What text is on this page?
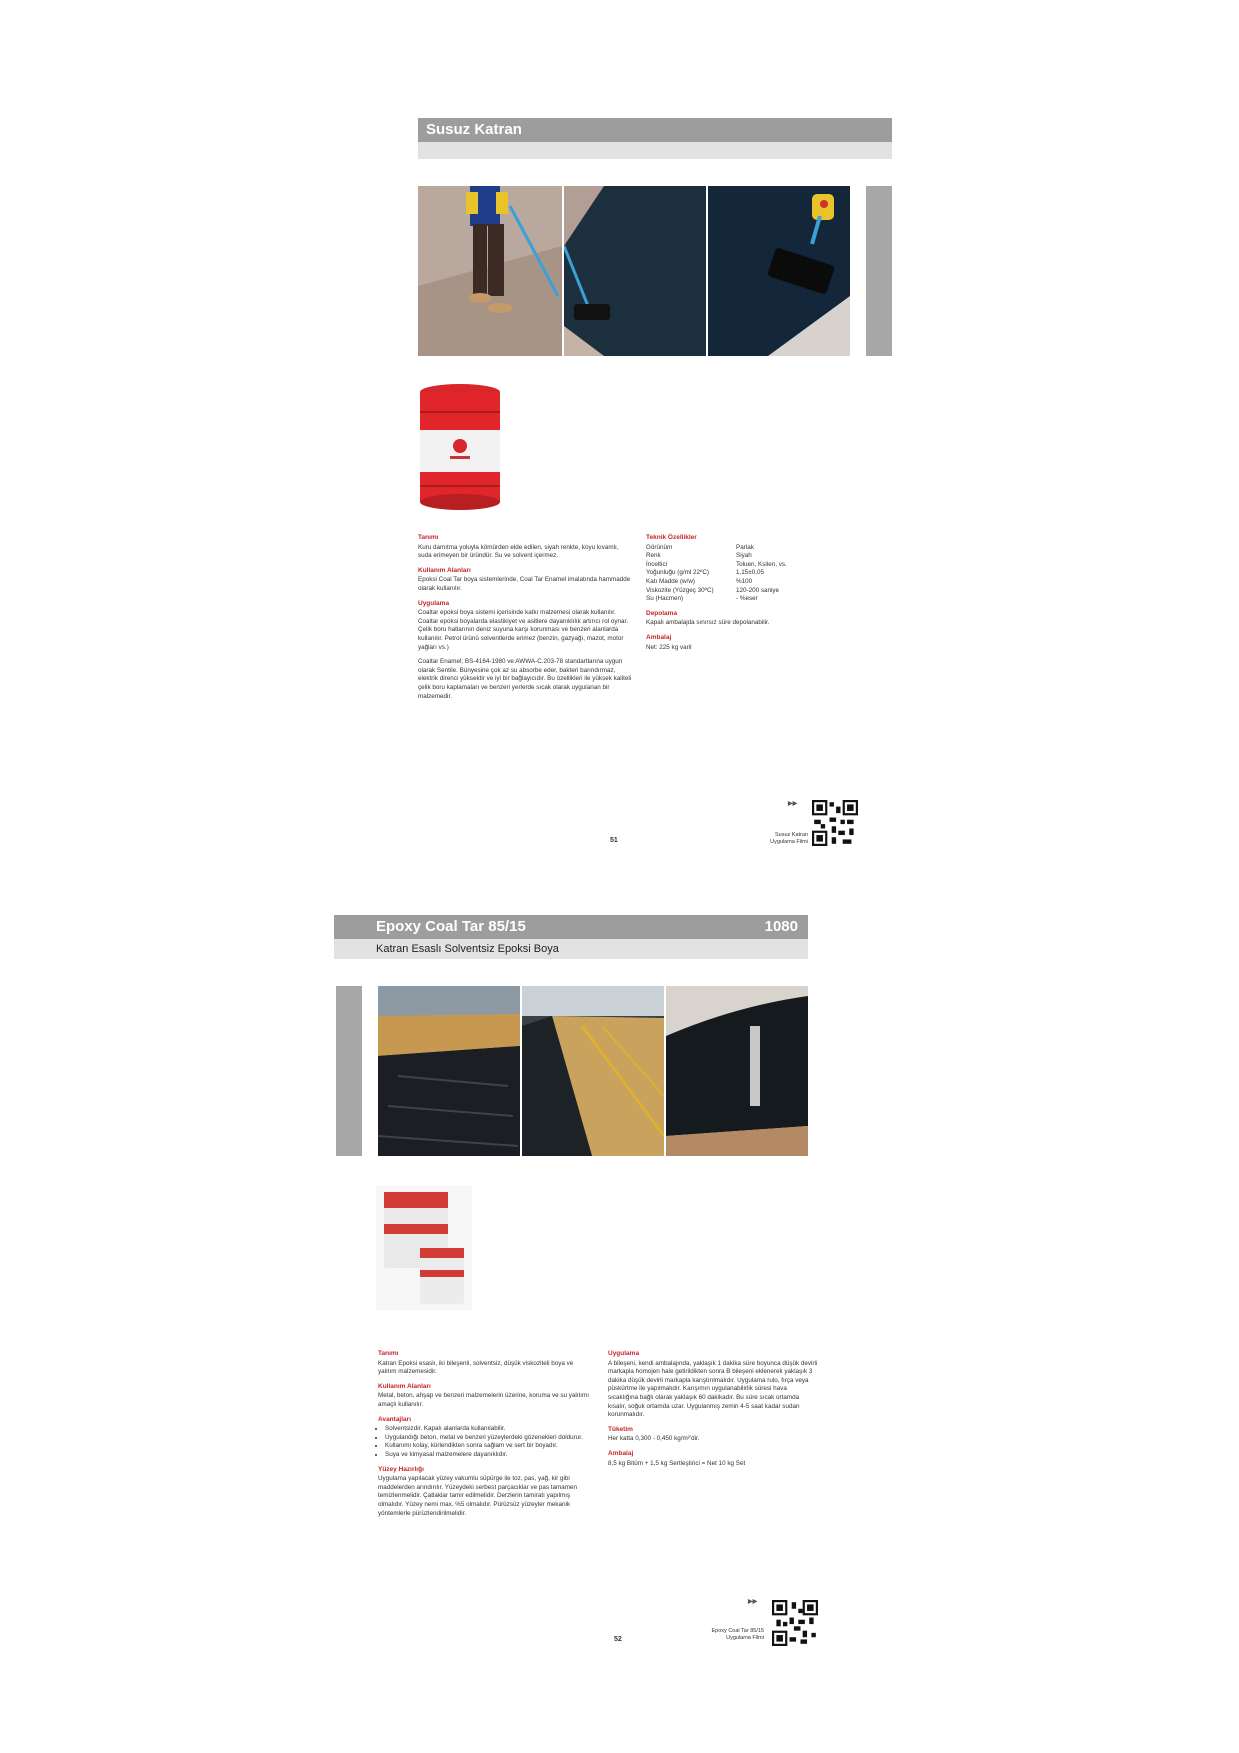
Susuz Katran
Tanımı

Kuru damıtma yoluyla kömürden elde edilen, siyah renkte, koyu kıvamlı, suda erimeyen bir üründür. Su ve solvent içermez.

Kullanım Alanları

Epoksi Coal Tar boya sistemlerinde, Coal Tar Enamel imalatında hammadde olarak kullanılır.

Uygulama

Coaltar epoksi boya sistemi içerisinde katkı malzemesi olarak kullanılır. Coaltar epoksi boyalarda elastikiyet ve asitlere dayanıklılık artırıcı rol oynar. Çelik boru hatlarının deniz suyuna karşı korunması ve benzeri alanlarda kullanılır. Petrol ürünü solventlerde erimez (benzin, gazyağı, mazot, motor yağları vs.)

Coaltar Enamel; BS-4164-1980 ve AWWA-C.203-78 standartlarına uygun olarak Sentile. Bünyesine çok az su absorbe eder, bakteri barındırmaz, elektrik direnci yüksektir ve iyi bir bağlayıcıdır. Bu özellikleri ile yüksek kaliteli çelik boru kaplamaları ve benzeri yerlerde sıcak olarak uygulanan bir malzemedir.

Teknik Özellikler
Görünüm	Parlak
Renk	Siyah
İnceltici	Toluen, Ksilen, vs.
Yoğunluğu (g/ml 22ºC)	1,15±0,05
Katı Madde (w/w)	%100
Viskozite (Yüzgeç 30ºC)	120-200 saniye
Su (Hacmen)	- %eser
Depolama

Kapalı ambalajda sınırsız süre depolanabilir.

Ambalaj

Net: 225 kg varil

51
▶▶
Susuz Katran
Uygulama Filmi
Epoxy Coal Tar 85/15	1080
Katran Esaslı Solventsiz Epoksi Boya
Tanımı

Katran Epoksi esaslı, iki bileşenli, solventsiz, düşük viskoziteli boya ve yalıtım malzemesidir.

Kullanım Alanları

Metal, beton, ahşap ve benzeri malzemelerin üzerine, koruma ve su yalıtımı amaçlı kullanılır.

Avantajları
• Solventsizdir. Kapalı alanlarda kullanılabilir.
• Uygulandığı beton, metal ve benzeri yüzeylerdeki gözenekleri doldurur.
• Kullanımı kolay, kürlendikten sonra sağlam ve sert bir boyadır.
• Suya ve kimyasal malzemelere dayanıklıdır.
Yüzey Hazırlığı

Uygulama yapılacak yüzey vakumlu süpürge ile toz, pas, yağ, kir gibi maddelerden arındırılır. Yüzeydeki serbest parçacıklar ve pas tamamen temizlenmelidir. Çatlaklar tamir edilmelidir. Derzlerin tamiratı yapılmış olmalıdır. Yüzey nemi max. %5 olmalıdır. Pürüzsüz yüzeyler mekanik yöntemlerle pürüzlendirilmelidir.

Uygulama

A bileşeni, kendi ambalajında, yaklaşık 1 dakika süre boyunca düşük devirli markapla homojen hale getirildikten sonra B bileşeni eklenerek yaklaşık 3 dakika düşük devirli markapla karıştırılmalıdır. Uygulama rulo, fırça veya püskürtme ile yapılmalıdır. Karışımın uygulanabilirlik süresi hava sıcaklığına bağlı olarak yaklaşık 60 dakikadır. Bu süre sıcak ortamda kısalır, soğuk ortamda uzar. Uygulanmış zemin 4-5 saat kadar sudan korunmalıdır.

Tüketim

Her katta 0,300 - 0,450 kg/m²'dir.

Ambalaj

8,5 kg Bitüm + 1,5 kg Sertleştirici = Net 10 kg Set

52
▶▶
Epoxy Coal Tar 85/15
Uygulama Filmi
